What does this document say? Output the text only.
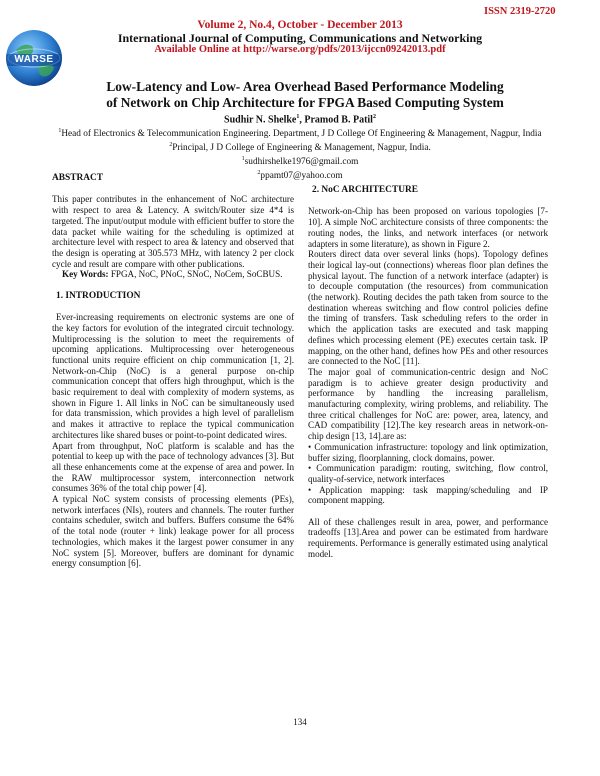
ISSN 2319-2720
WARSE
Volume 2, No.4, October - December 2013
International Journal of Computing, Communications and Networking
Available Online at http://warse.org/pdfs/2013/ijccn09242013.pdf
Low-Latency and Low- Area Overhead Based Performance Modeling
of Network on Chip Architecture for FPGA Based Computing System
Sudhir N. Shelke$^1$, Pramod B. Patil$^2$
$^1$Head of Electronics & Telecommunication Engineering. Department, J D College Of Engineering & Management, Nagpur, India
$^2$Principal, J D College of Engineering & Management, Nagpur, India.
$^1$sudhirshelke1976@gmail.com
$^2$ppamt07@yahoo.com

ABSTRACT

This paper contributes in the enhancement of NoC architecture with respect to area & Latency. A switch/Router size 4*4 is targeted. The input/output module with efficient buffer to store the data packet while waiting for the scheduling is optimized at architecture level with respect to area & latency and observed that the design is operating at 305.573 MHz, with latency 2 per clock cycle and result are compare with other publications.

Key Words: FPGA, NoC, PNoC, SNoC, NoCem, SoCBUS.

1. INTRODUCTION

Ever-increasing requirements on electronic systems are one of the key factors for evolution of the integrated circuit technology. Multiprocessing is the solution to meet the requirements of upcoming applications. Multiprocessing over heterogeneous functional units require efficient on chip communication [1, 2]. Network-on-Chip (NoC) is a general purpose on-chip communication concept that offers high throughput, which is the basic requirement to deal with complexity of modern systems, as shown in Figure 1. All links in NoC can be simultaneously used for data transmission, which provides a high level of parallelism and makes it attractive to replace the typical communication architectures like shared buses or point-to-point dedicated wires.

Apart from throughput, NoC platform is scalable and has the potential to keep up with the pace of technology advances [3]. But all these enhancements come at the expense of area and power. In the RAW multiprocessor system, interconnection network consumes 36% of the total chip power [4].

A typical NoC system consists of processing elements (PEs), network interfaces (NIs), routers and channels. The router further contains scheduler, switch and buffers. Buffers consume the 64% of the total node (router + link) leakage power for all process technologies, which makes it the largest power consumer in any NoC system [5]. Moreover, buffers are dominant for dynamic energy consumption [6].

2. NoC ARCHITECTURE

Network-on-Chip has been proposed on various topologies [7-10]. A simple NoC architecture consists of three components: the routing nodes, the links, and network interfaces (or network adapters in some literature), as shown in Figure 2.

Routers direct data over several links (hops). Topology defines their logical lay-out (connections) whereas floor plan defines the physical layout. The function of a network interface (adapter) is to decouple computation (the resources) from communication (the network). Routing decides the path taken from source to the destination whereas switching and flow control policies define the timing of transfers. Task scheduling refers to the order in which the application tasks are executed and task mapping defines which processing element (PE) executes certain task. IP mapping, on the other hand, defines how PEs and other resources are connected to the NoC [11].

The major goal of communication-centric design and NoC paradigm is to achieve greater design productivity and performance by handling the increasing parallelism, manufacturing complexity, wiring problems, and reliability. The three critical challenges for NoC are: power, area, latency, and CAD compatibility [12].The key research areas in network-on-chip design [13, 14].are as:

• Communication infrastructure: topology and link optimization, buffer sizing, floorplanning, clock domains, power.
• Communication paradigm: routing, switching, flow control, quality-of-service, network interfaces
• Application mapping: task mapping/scheduling and IP component mapping.

All of these challenges result in area, power, and performance tradeoffs [13].Area and power can be estimated from hardware requirements. Performance is generally estimated using analytical model.

134
